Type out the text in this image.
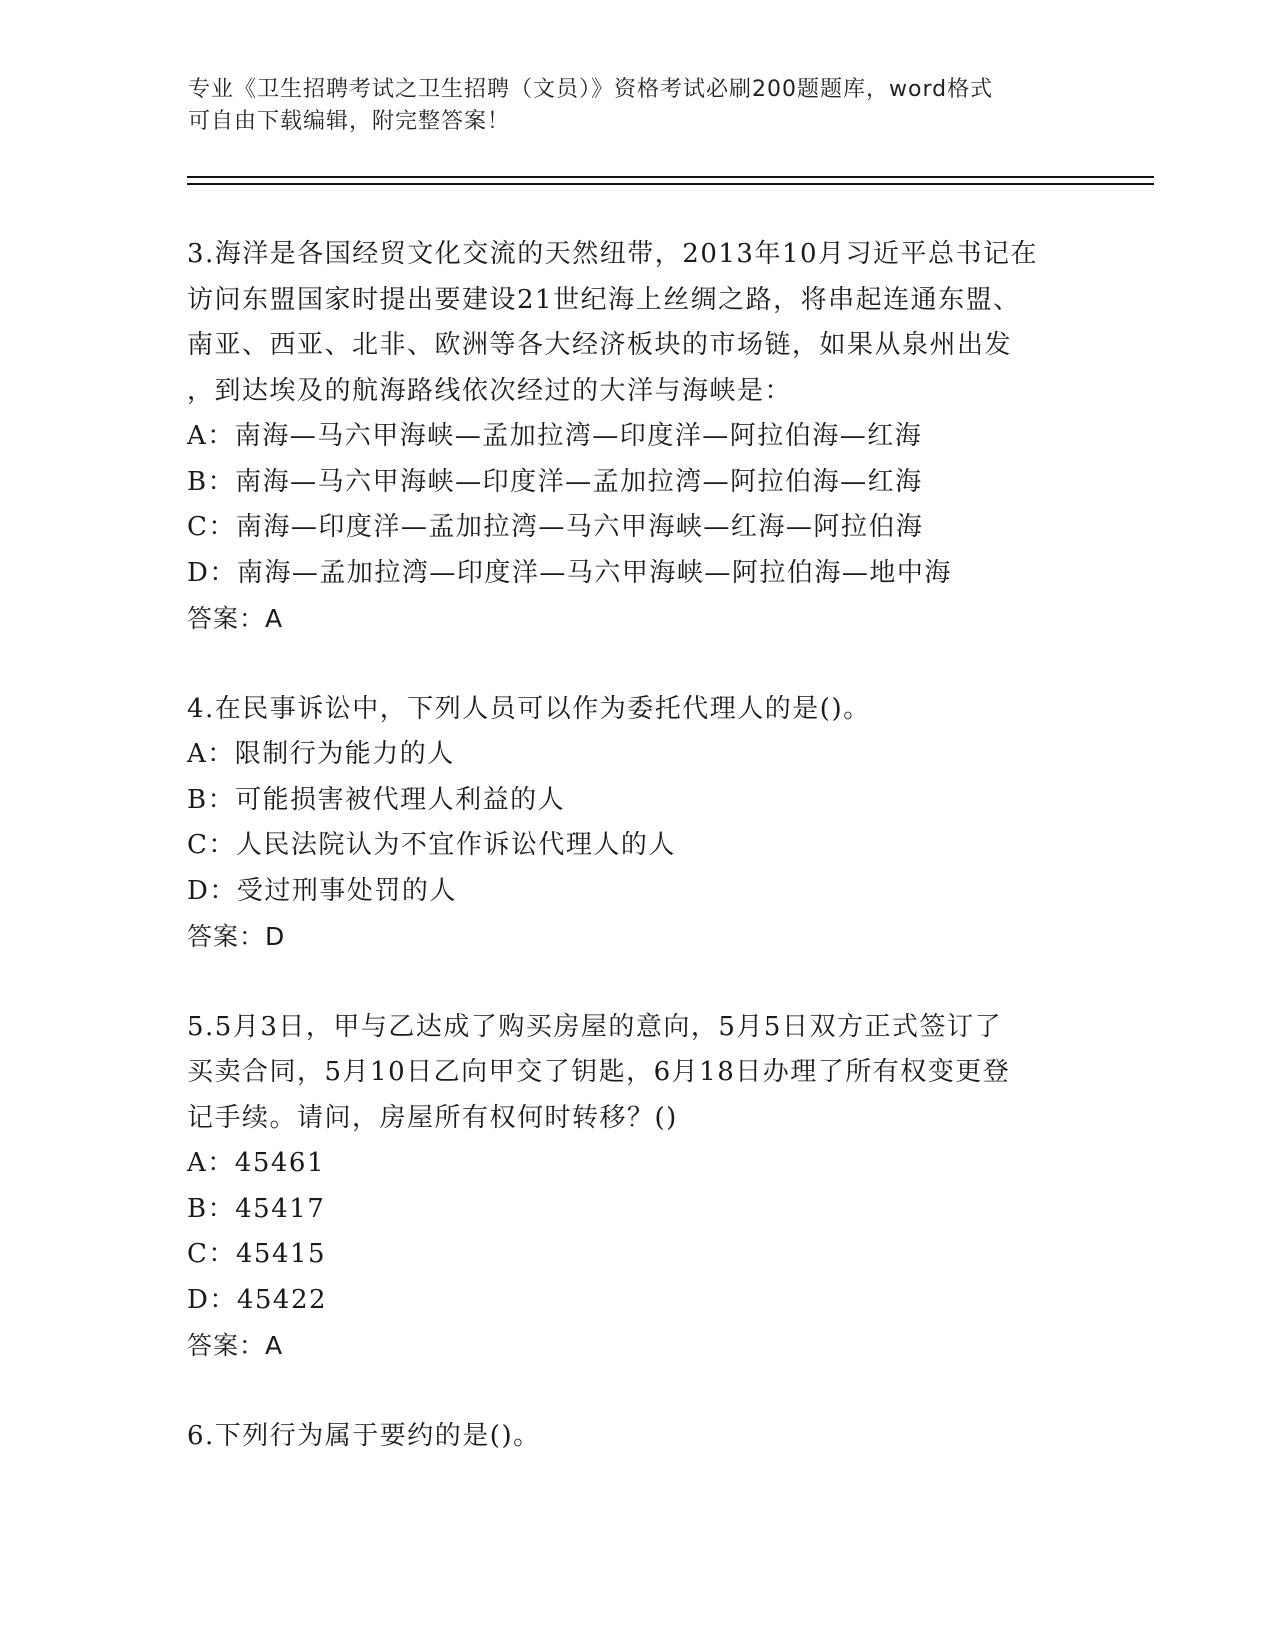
专业《卫生招聘考试之卫生招聘（文员）》资格考试必刷200题题库，word格式
可自由下载编辑，附完整答案！
3.海洋是各国经贸文化交流的天然纽带，2013年10月习近平总书记在
访问东盟国家时提出要建设21世纪海上丝绸之路，将串起连通东盟、
南亚、西亚、北非、欧洲等各大经济板块的市场链，如果从泉州出发
，到达埃及的航海路线依次经过的大洋与海峡是：
A：南海—马六甲海峡—孟加拉湾—印度洋—阿拉伯海—红海
B：南海—马六甲海峡—印度洋—孟加拉湾—阿拉伯海—红海
C：南海—印度洋—孟加拉湾—马六甲海峡—红海—阿拉伯海
D：南海—孟加拉湾—印度洋—马六甲海峡—阿拉伯海—地中海
答案：A
4.在民事诉讼中，下列人员可以作为委托代理人的是()。
A：限制行为能力的人
B：可能损害被代理人利益的人
C：人民法院认为不宜作诉讼代理人的人
D：受过刑事处罚的人
答案：D
5.5月3日，甲与乙达成了购买房屋的意向，5月5日双方正式签订了
买卖合同，5月10日乙向甲交了钥匙，6月18日办理了所有权变更登
记手续。请问，房屋所有权何时转移？()
A：45461
B：45417
C：45415
D：45422
答案：A
6.下列行为属于要约的是()。
